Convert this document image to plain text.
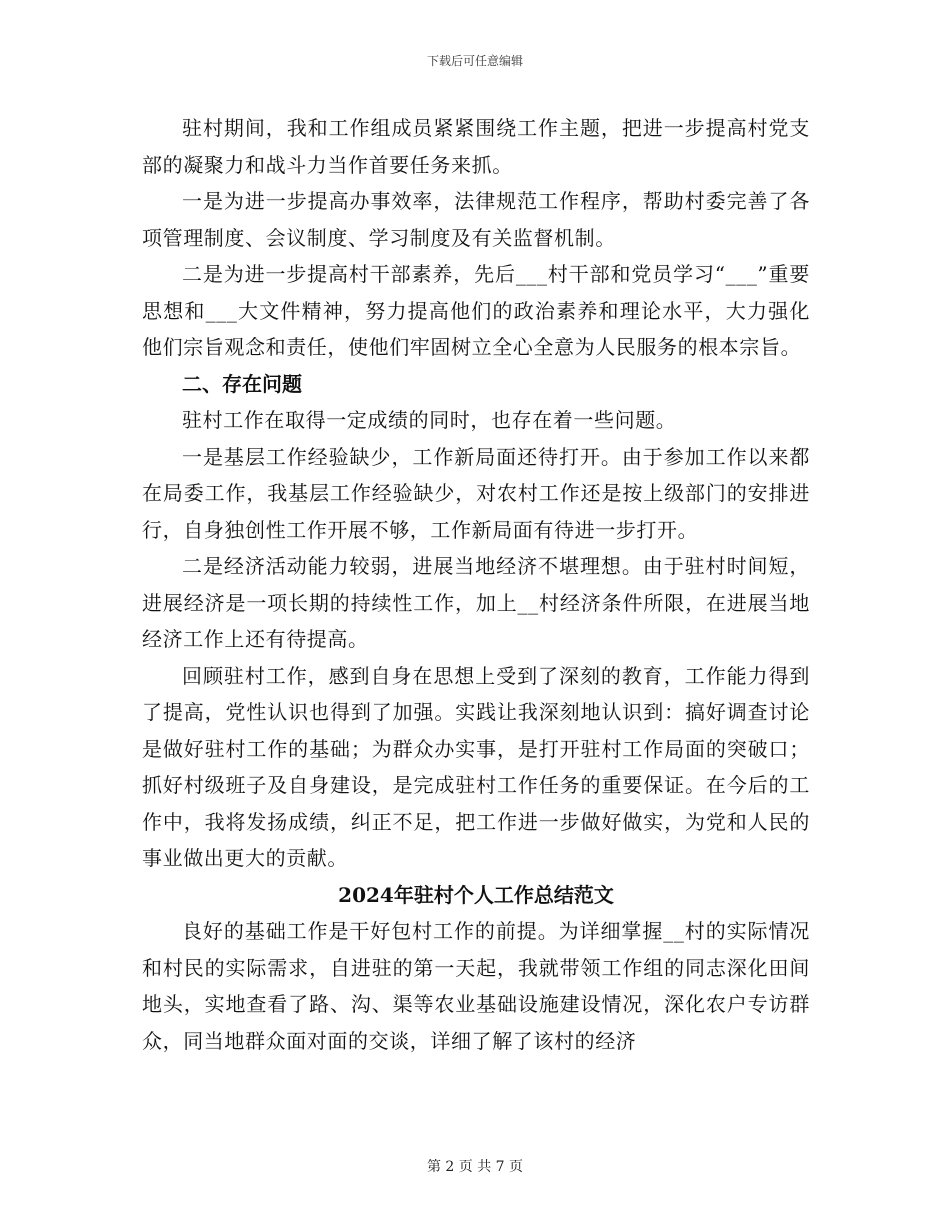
下载后可任意编辑

驻村期间，我和工作组成员紧紧围绕工作主题，把进一步提高村党支部的凝聚力和战斗力当作首要任务来抓。

一是为进一步提高办事效率，法律规范工作程序，帮助村委完善了各项管理制度、会议制度、学习制度及有关监督机制。

二是为进一步提高村干部素养，先后___村干部和党员学习“___”重要思想和___大文件精神，努力提高他们的政治素养和理论水平，大力强化他们宗旨观念和责任，使他们牢固树立全心全意为人民服务的根本宗旨。

二、存在问题

驻村工作在取得一定成绩的同时，也存在着一些问题。

一是基层工作经验缺少，工作新局面还待打开。由于参加工作以来都在局委工作，我基层工作经验缺少，对农村工作还是按上级部门的安排进行，自身独创性工作开展不够，工作新局面有待进一步打开。

二是经济活动能力较弱，进展当地经济不堪理想。由于驻村时间短，进展经济是一项长期的持续性工作，加上__村经济条件所限，在进展当地经济工作上还有待提高。

回顾驻村工作，感到自身在思想上受到了深刻的教育，工作能力得到了提高，党性认识也得到了加强。实践让我深刻地认识到：搞好调查讨论是做好驻村工作的基础；为群众办实事，是打开驻村工作局面的突破口；抓好村级班子及自身建设，是完成驻村工作任务的重要保证。在今后的工作中，我将发扬成绩，纠正不足，把工作进一步做好做实，为党和人民的事业做出更大的贡献。

2024年驻村个人工作总结范文

良好的基础工作是干好包村工作的前提。为详细掌握__村的实际情况和村民的实际需求，自进驻的第一天起，我就带领工作组的同志深化田间地头，实地查看了路、沟、渠等农业基础设施建设情况，深化农户专访群众，同当地群众面对面的交谈，详细了解了该村的经济

第 2 页 共 7 页
